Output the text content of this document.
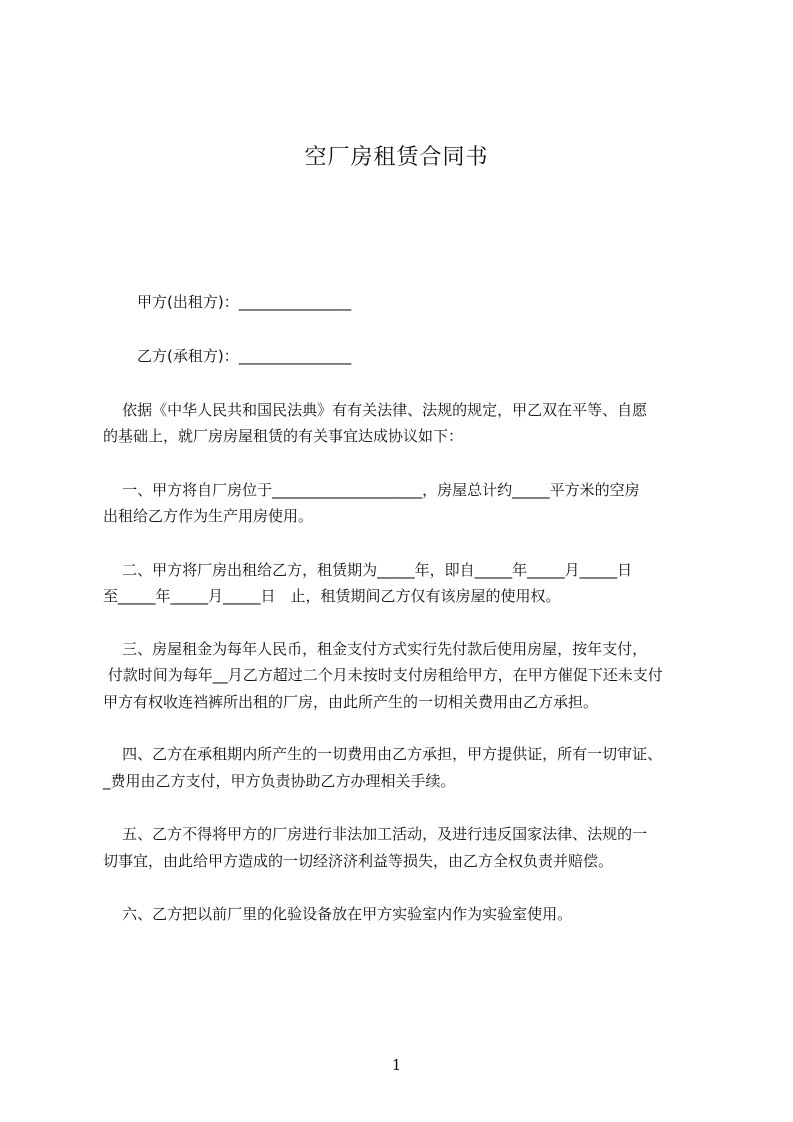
空厂房租赁合同书
甲方(出租方)：_______________
乙方(承租方)：_______________
依据《中华人民共和国民法典》有有关法律、法规的规定，甲乙双在平等、自愿
的基础上，就厂房房屋租赁的有关事宜达成协议如下：
一、甲方将自厂房位于____________________，房屋总计约_____平方米的空房
出租给乙方作为生产用房使用。
二、甲方将厂房出租给乙方，租赁期为_____年，即自_____年_____月_____日
至_____年_____月_____日　止，租赁期间乙方仅有该房屋的使用权。
三、房屋租金为每年人民币，租金支付方式实行先付款后使用房屋，按年支付，
付款时间为每年__月乙方超过二个月未按时支付房租给甲方，在甲方催促下还未支付
甲方有权收连裆裤所出租的厂房，由此所产生的一切相关费用由乙方承担。
四、乙方在承租期内所产生的一切费用由乙方承担，甲方提供证，所有一切审证、
_费用由乙方支付，甲方负责协助乙方办理相关手续。
五、乙方不得将甲方的厂房进行非法加工活动，及进行违反国家法律、法规的一
切事宜，由此给甲方造成的一切经济济利益等损失，由乙方全权负责并赔偿。
六、乙方把以前厂里的化验设备放在甲方实验室内作为实验室使用。
1
